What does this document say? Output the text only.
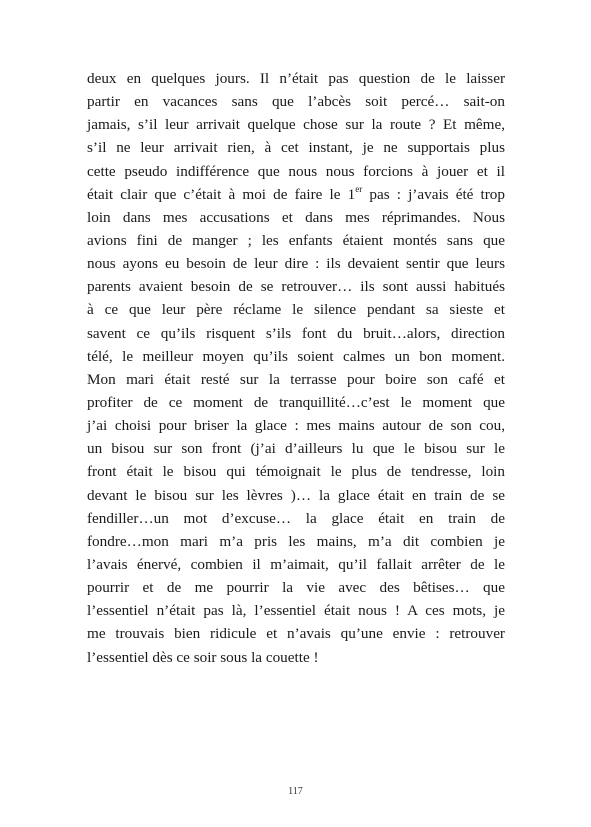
deux en quelques jours. Il n’était pas question de le laisser
partir en vacances sans que l’abcès soit percé… sait-on
jamais, s’il leur arrivait quelque chose sur la route ? Et même,
s’il ne leur arrivait rien, à cet instant, je ne supportais plus
cette pseudo indifférence que nous nous forcions à jouer et il
était clair que c’était à moi de faire le 1er pas : j’avais été trop
loin dans mes accusations et dans mes réprimandes. Nous
avions fini de manger ; les enfants étaient montés sans que
nous ayons eu besoin de leur dire : ils devaient sentir que leurs
parents avaient besoin de se retrouver… ils sont aussi habitués
à ce que leur père réclame le silence pendant sa sieste et
savent ce qu’ils risquent s’ils font du bruit…alors, direction
télé, le meilleur moyen qu’ils soient calmes un bon moment.
Mon mari était resté sur la terrasse pour boire son café et
profiter de ce moment de tranquillité…c’est le moment que
j’ai choisi pour briser la glace : mes mains autour de son cou,
un bisou sur son front (j’ai d’ailleurs lu que le bisou sur le
front était le bisou qui témoignait le plus de tendresse, loin
devant le bisou sur les lèvres )… la glace était en train de se
fendiller…un mot d’excuse… la glace était en train de
fondre…mon mari m’a pris les mains, m’a dit combien je
l’avais énervé, combien il m’aimait, qu’il fallait arrêter de le
pourrir et de me pourrir la vie avec des bêtises… que
l’essentiel n’était pas là, l’essentiel était nous ! A ces mots, je
me trouvais bien ridicule et n’avais qu’une envie : retrouver
l’essentiel dès ce soir sous la couette !
117
